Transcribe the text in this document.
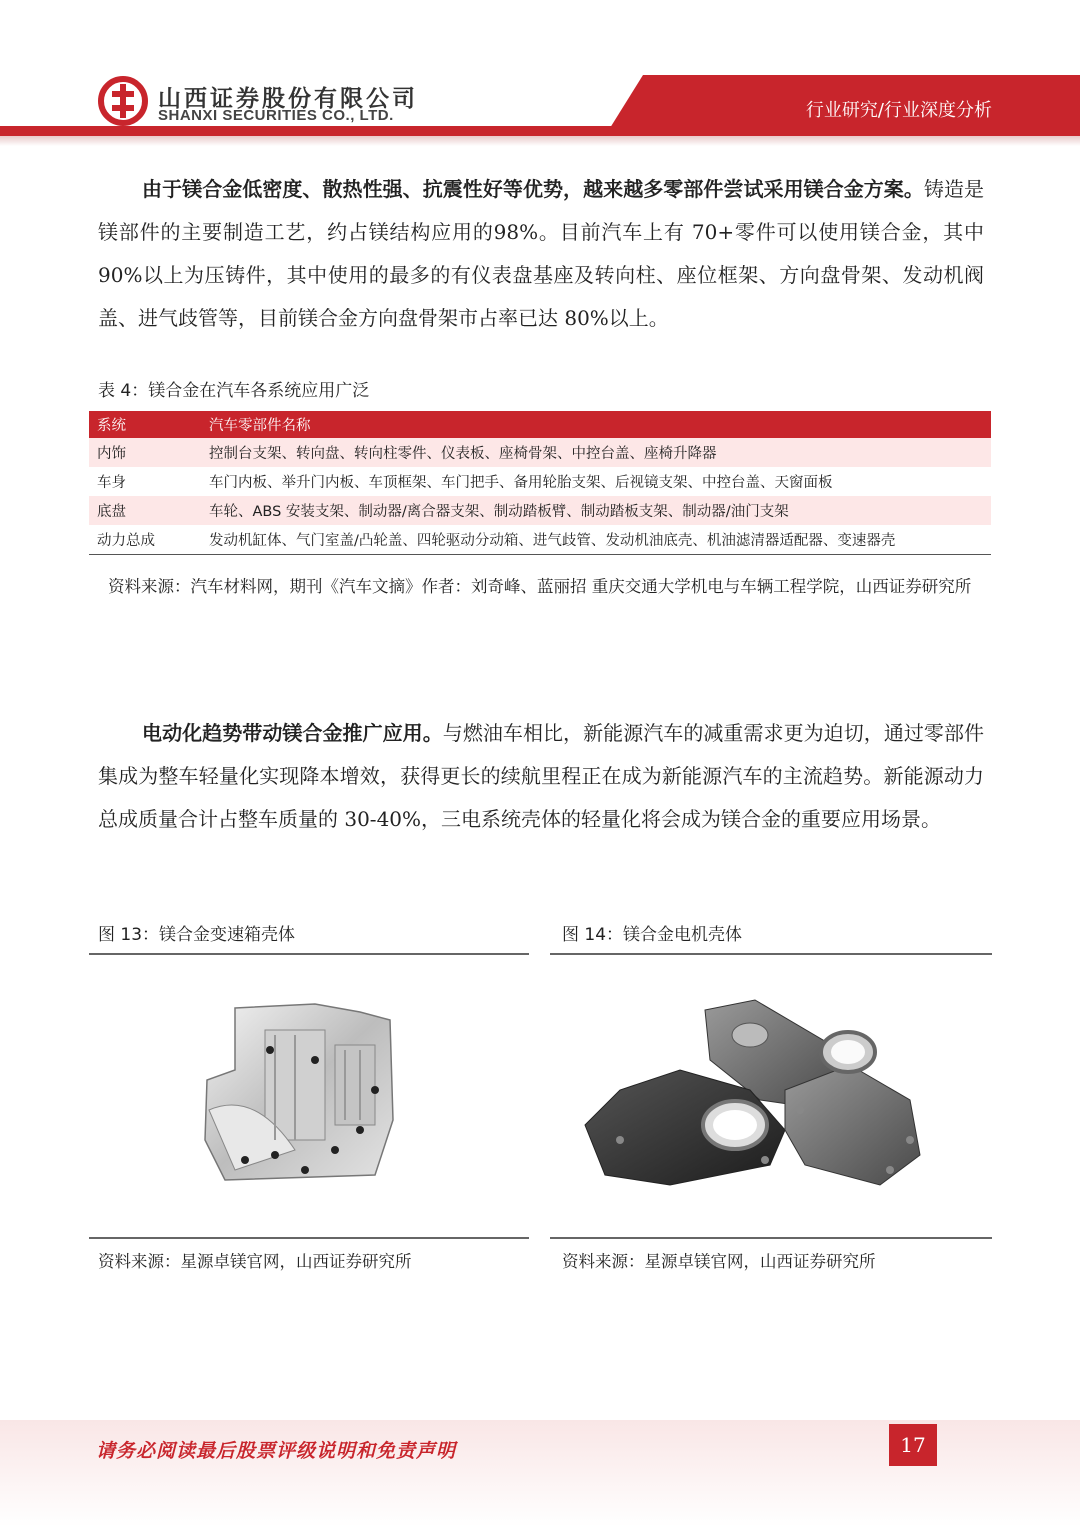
山西证券股份有限公司
SHANXI SECURITIES CO., LTD.	行业研究/行业深度分析
由于镁合金低密度、散热性强、抗震性好等优势，越来越多零部件尝试采用镁合金方案。铸造是镁部件的主要制造工艺，约占镁结构应用的98%。目前汽车上有 70+零件可以使用镁合金，其中 90%以上为压铸件，其中使用的最多的有仪表盘基座及转向柱、座位框架、方向盘骨架、发动机阀盖、进气歧管等，目前镁合金方向盘骨架市占率已达 80%以上。
表 4：镁合金在汽车各系统应用广泛
系统	汽车零部件名称
内饰	控制台支架、转向盘、转向柱零件、仪表板、座椅骨架、中控台盖、座椅升降器
车身	车门内板、举升门内板、车顶框架、车门把手、备用轮胎支架、后视镜支架、中控台盖、天窗面板
底盘	车轮、ABS 安装支架、制动器/离合器支架、制动踏板臂、制动踏板支架、制动器/油门支架
动力总成	发动机缸体、气门室盖/凸轮盖、四轮驱动分动箱、进气歧管、发动机油底壳、机油滤清器适配器、变速器壳
资料来源：汽车材料网，期刊《汽车文摘》作者：刘奇峰、蓝丽招 重庆交通大学机电与车辆工程学院，山西证券研究所
电动化趋势带动镁合金推广应用。与燃油车相比，新能源汽车的减重需求更为迫切，通过零部件集成为整车轻量化实现降本增效，获得更长的续航里程正在成为新能源汽车的主流趋势。新能源动力总成质量合计占整车质量的 30-40%，三电系统壳体的轻量化将会成为镁合金的重要应用场景。
图 13：镁合金变速箱壳体
资料来源：星源卓镁官网，山西证券研究所
图 14：镁合金电机壳体
资料来源：星源卓镁官网，山西证券研究所
请务必阅读最后股票评级说明和免责声明	17
